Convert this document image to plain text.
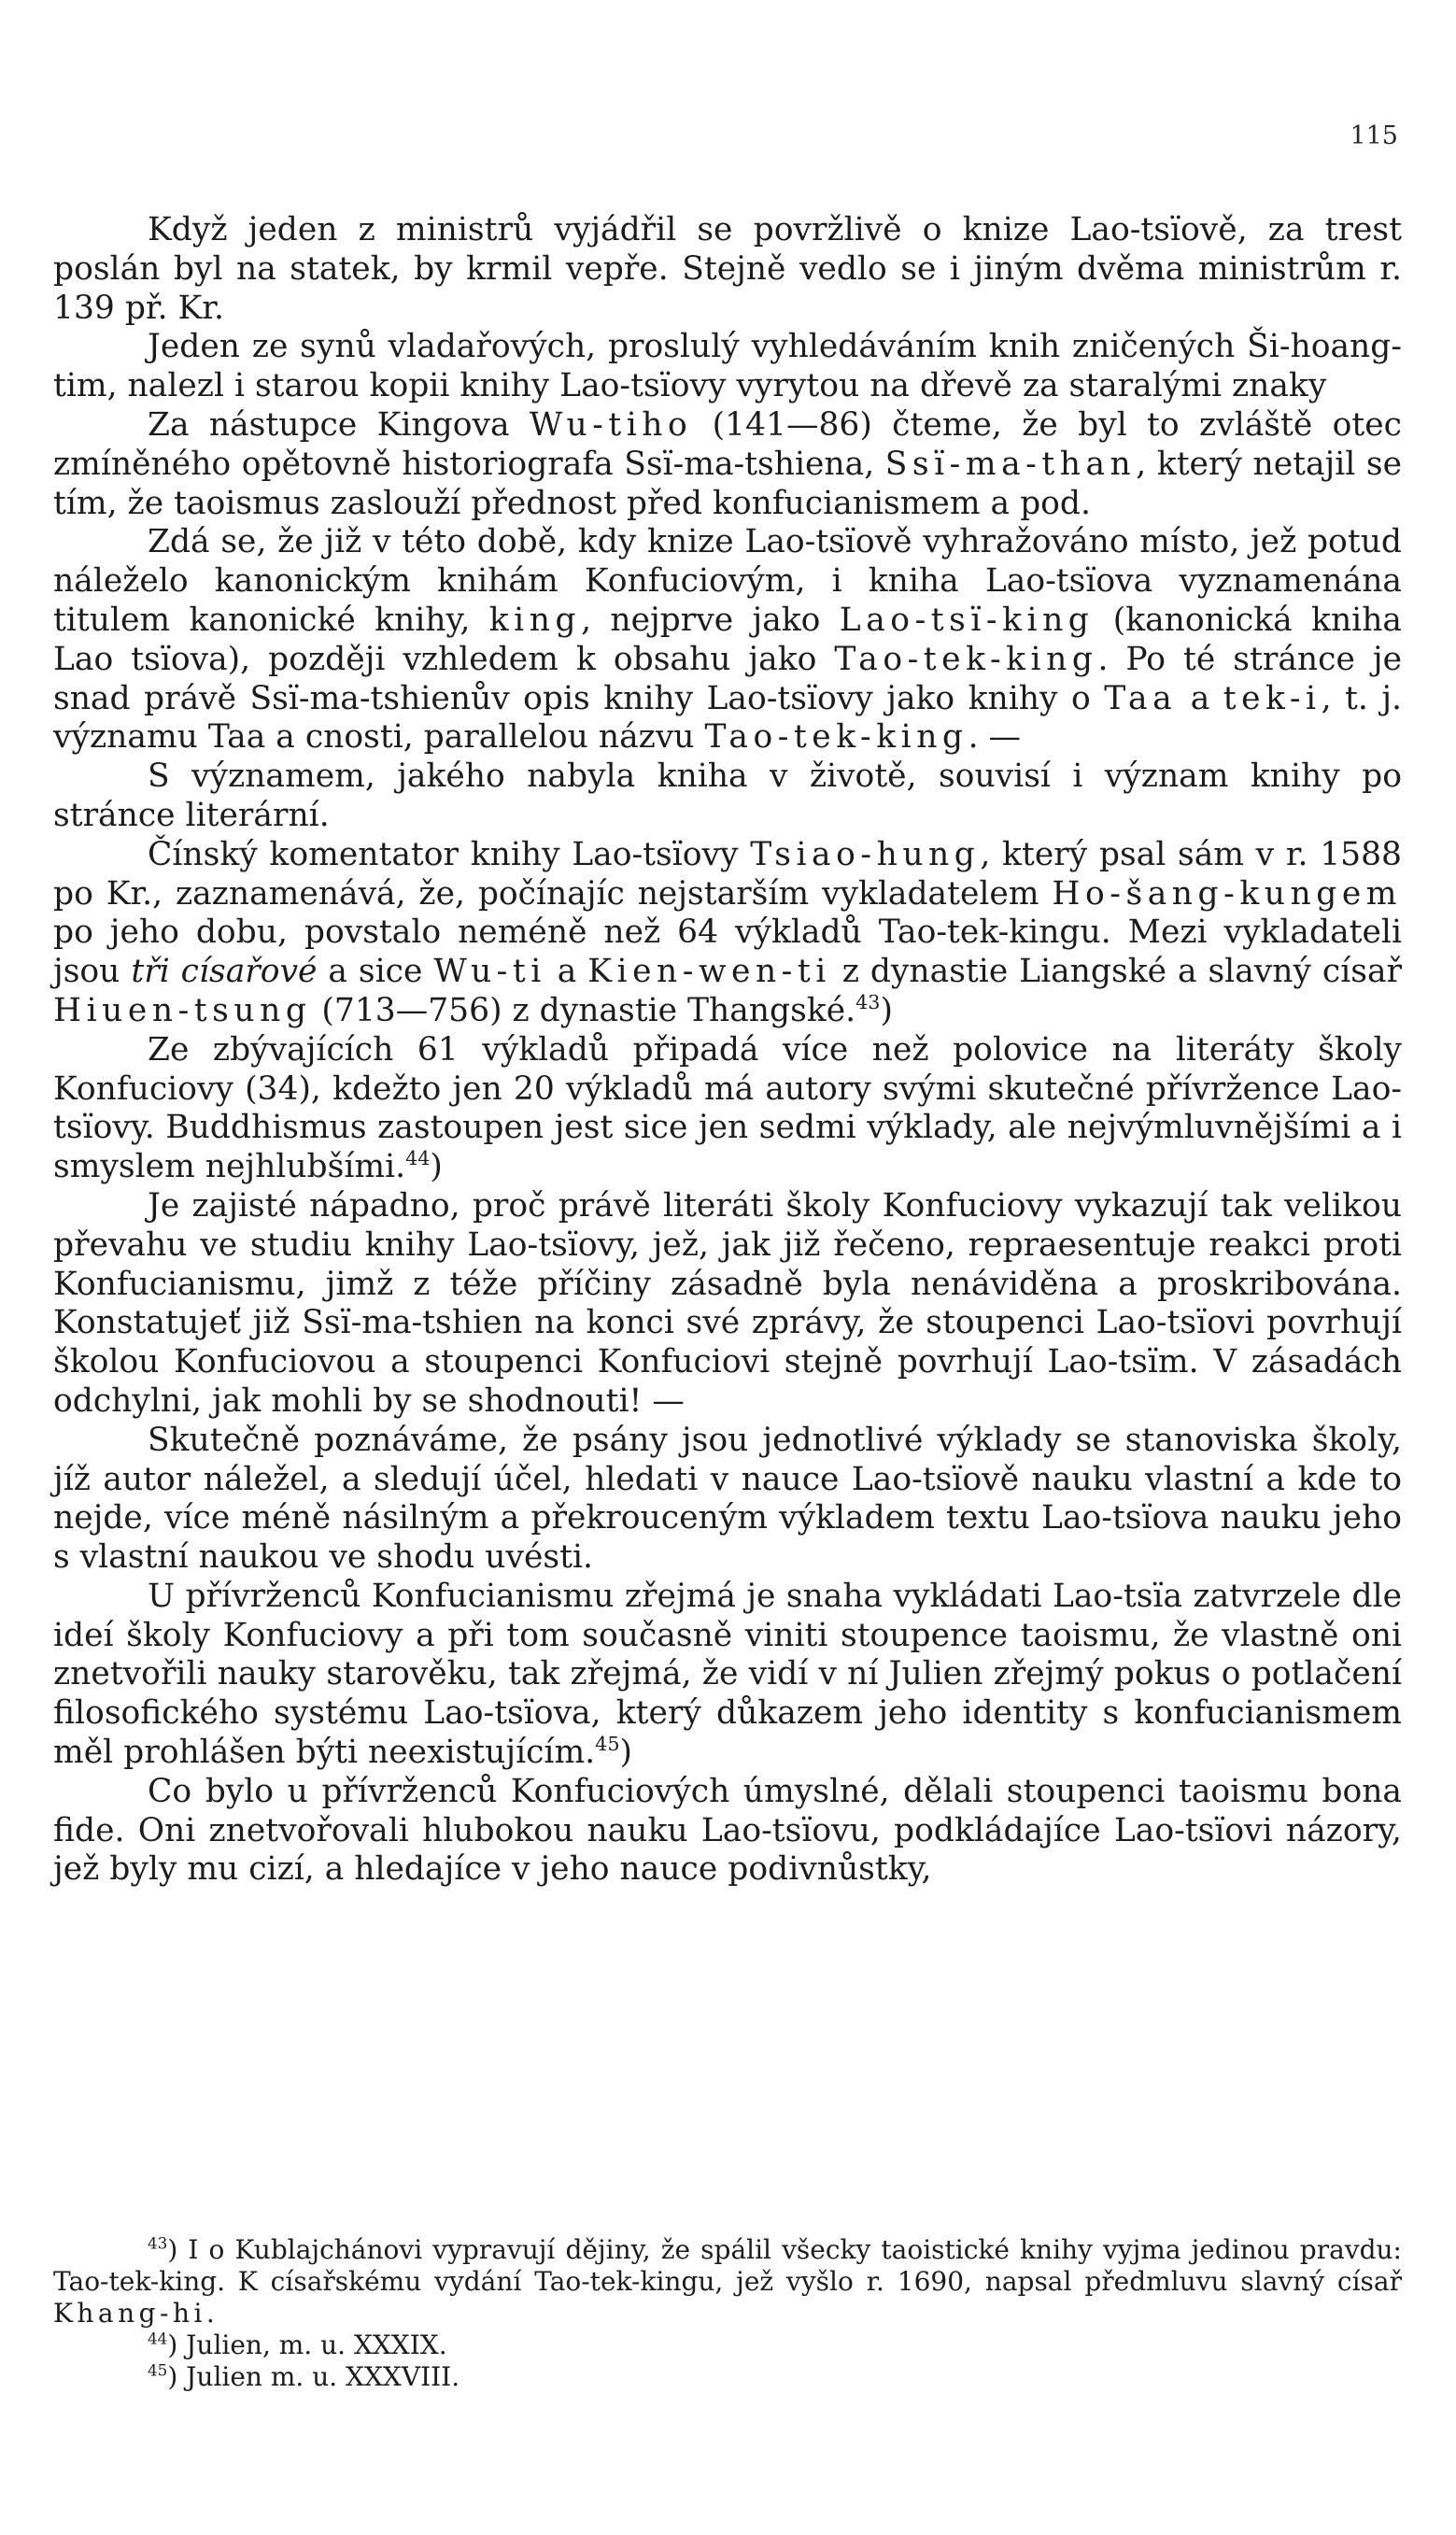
115

Když jeden z ministrů vyjádřil se povržlivě o knize Lao-tsïově, za trest poslán byl na statek, by krmil vepře. Stejně vedlo se i jiným dvěma ministrům r. 139 př. Kr.

Jeden ze synů vladařových, proslulý vyhledáváním knih zničených Ši-hoang-tim, nalezl i starou kopii knihy Lao-tsïovy vyrytou na dřevě za staralými znaky

Za nástupce Kingova Wu-tiho (141—86) čteme, že byl to zvláště otec zmíněného opětovně historiografa Ssï-ma-tshiena, Ssï-ma-than, který netajil se tím, že taoismus zaslouží přednost před konfucianismem a pod.

Zdá se, že již v této době, kdy knize Lao-tsïově vyhražováno místo, jež potud náleželo kanonickým knihám Konfuciovým, i kniha Lao-tsïova vyznamenána titulem kanonické knihy, king, nejprve jako Lao-tsï-king (kanonická kniha Lao tsïova), později vzhledem k obsahu jako Tao-tek-king. Po té stránce je snad právě Ssï-ma-tshienův opis knihy Lao-tsïovy jako knihy o Taa a tek-i, t. j. významu Taa a cnosti, parallelou názvu Tao-tek-king. —

S významem, jakého nabyla kniha v životě, souvisí i význam knihy po stránce literární.

Čínský komentator knihy Lao-tsïovy Tsiao-hung, který psal sám v r. 1588 po Kr., zaznamenává, že, počínajíc nejstarším vykladatelem Ho-šang-kungem po jeho dobu, povstalo neméně než 64 výkladů Tao-tek-kingu. Mezi vykladateli jsou tři císařové a sice Wu-ti a Kien-wen-ti z dynastie Liangské a slavný císař Hiuen-tsung (713—756) z dynastie Thangské.$^{43}$)

Ze zbývajících 61 výkladů připadá více než polovice na literáty školy Konfuciovy (34), kdežto jen 20 výkladů má autory svými skutečné přívržence Lao-tsïovy. Buddhismus zastoupen jest sice jen sedmi výklady, ale nejvýmluvnějšími a i smyslem nejhlubšími.$^{44}$)

Je zajisté nápadno, proč právě literáti školy Konfuciovy vykazují tak velikou převahu ve studiu knihy Lao-tsïovy, jež, jak již řečeno, repraesentuje reakci proti Konfucianismu, jimž z téže příčiny zásadně byla nenáviděna a proskribována. Konstatujeť již Ssï-ma-tshien na konci své zprávy, že stoupenci Lao-tsïovi povrhují školou Konfuciovou a stoupenci Konfuciovi stejně povrhují Lao-tsïm. V zásadách odchylni, jak mohli by se shodnouti! —

Skutečně poznáváme, že psány jsou jednotlivé výklady se stanoviska školy, jíž autor náležel, a sledují účel, hledati v nauce Lao-tsïově nauku vlastní a kde to nejde, více méně násilným a překrouceným výkladem textu Lao-tsïova nauku jeho s vlastní naukou ve shodu uvésti.

U přívrženců Konfucianismu zřejmá je snaha vykládati Lao-tsïa zatvrzele dle ideí školy Konfuciovy a při tom současně viniti stoupence taoismu, že vlastně oni znetvořili nauky starověku, tak zřejmá, že vidí v ní Julien zřejmý pokus o potlačení filosofického systému Lao-tsïova, který důkazem jeho identity s konfucianismem měl prohlášen býti neexistujícím.$^{45}$)

Co bylo u přívrženců Konfuciových úmyslné, dělali stoupenci taoismu bona fide. Oni znetvořovali hlubokou nauku Lao-tsïovu, podkládajíce Lao-tsïovi názory, jež byly mu cizí, a hledajíce v jeho nauce podivnůstky,

$^{43}$) I o Kublajchánovi vypravují dějiny, že spálil všecky taoistické knihy vyjma jedinou pravdu: Tao-tek-king. K císařskému vydání Tao-tek-kingu, jež vyšlo r. 1690, napsal předmluvu slavný císař Khang-hi.

$^{44}$) Julien, m. u. XXXIX.

$^{45}$) Julien m. u. XXXVIII.
